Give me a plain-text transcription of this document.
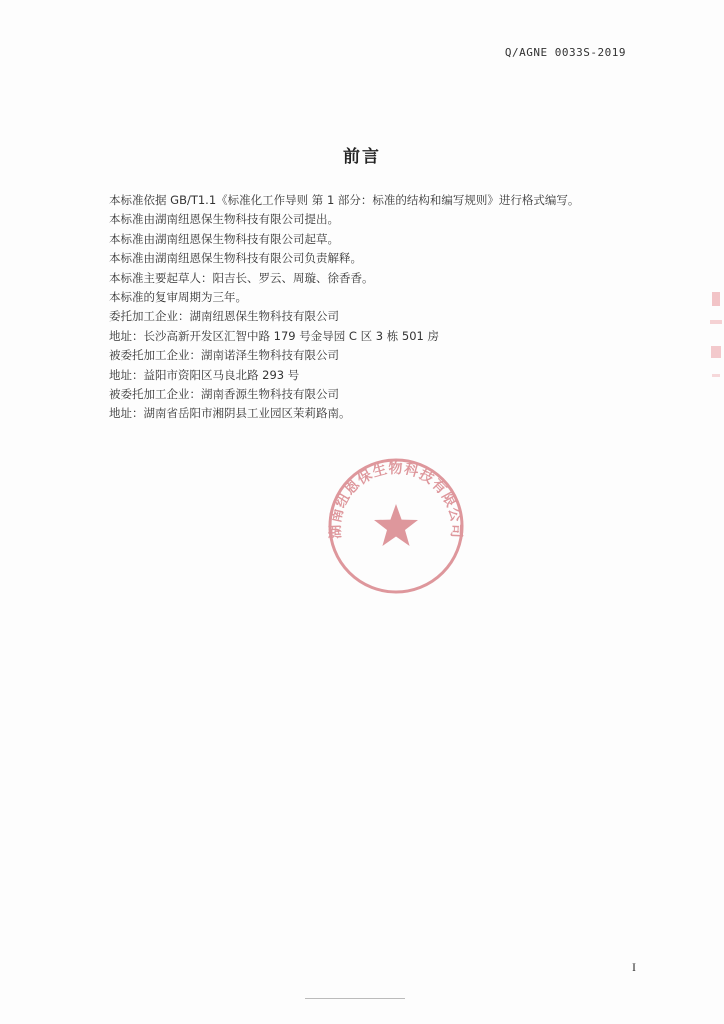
Q/AGNE 0033S-2019
前言
本标准依据 GB/T1.1《标准化工作导则 第 1 部分：标准的结构和编写规则》进行格式编写。
本标准由湖南纽恩保生物科技有限公司提出。
本标准由湖南纽恩保生物科技有限公司起草。
本标准由湖南纽恩保生物科技有限公司负责解释。
本标准主要起草人：阳吉长、罗云、周璇、徐香香。
本标准的复审周期为三年。
委托加工企业：湖南纽恩保生物科技有限公司
地址：长沙高新开发区汇智中路 179 号金导园 C 区 3 栋 501 房
被委托加工企业：湖南诺泽生物科技有限公司
地址：益阳市资阳区马良北路 293 号
被委托加工企业：湖南香源生物科技有限公司
地址：湖南省岳阳市湘阴县工业园区茉莉路南。
湖南纽恩保生物科技有限公司
I
